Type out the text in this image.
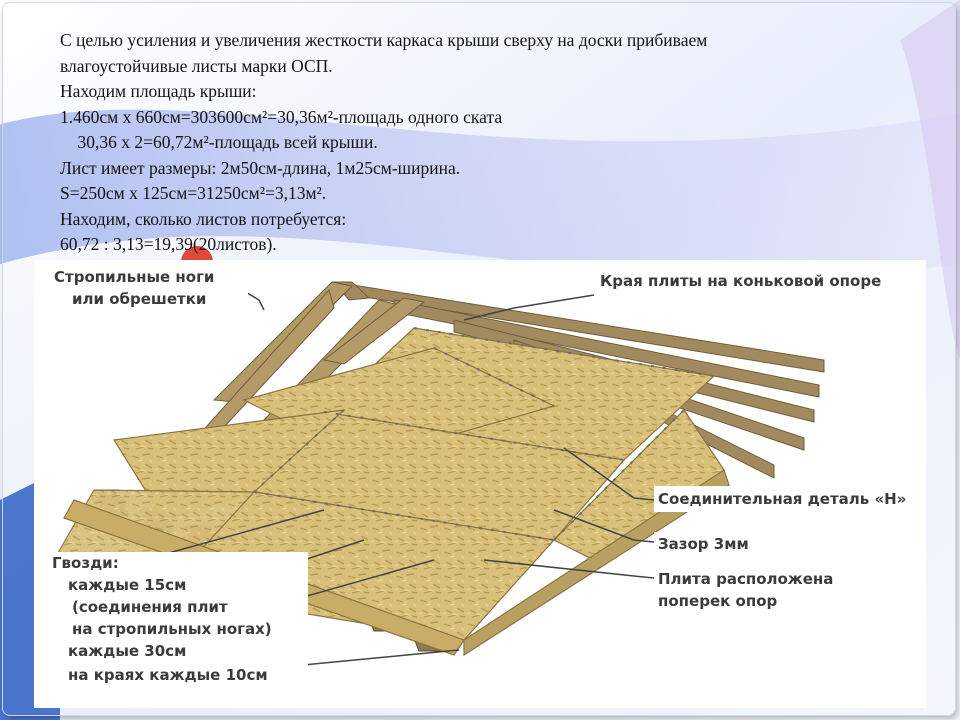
С целью усиления и увеличения жесткости каркаса крыши сверху на доски прибиваем
влагоустойчивые листы марки ОСП.
Находим площадь крыши:
1.460см х 660см=303600см²=30,36м²-площадь одного ската
30,36 х 2=60,72м²-площадь всей крыши.
Лист имеет размеры: 2м50см-длина, 1м25см-ширина.
S=250см х 125см=31250см²=3,13м².
Находим, сколько листов потребуется:
60,72 : 3,13=19,39(20листов).
Стропильные ноги
или обрешетки
Края плиты на коньковой опоре
Соединительная деталь «Н»
Зазор 3мм
Плита расположена
поперек опор
Гвозди:
каждые 15см
(соединения плит
на стропильных ногах)
каждые 30см
на краях каждые 10см
